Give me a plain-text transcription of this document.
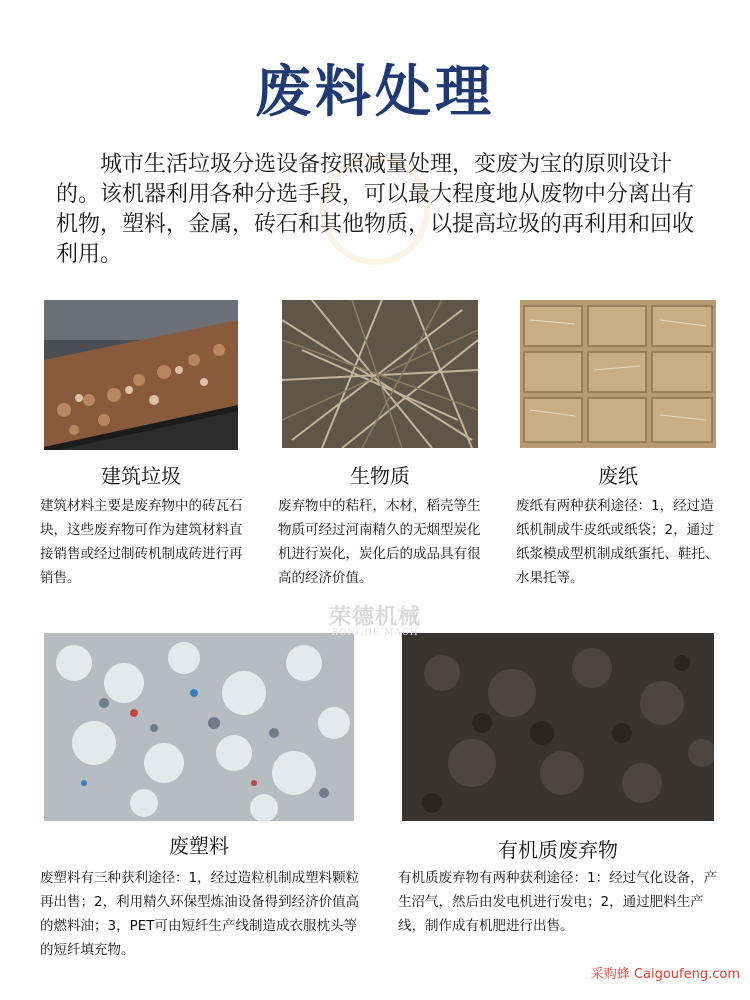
废料处理

城市生活垃圾分选设备按照减量处理，变废为宝的原则设计的。该机器利用各种分选手段，可以最大程度地从废物中分离出有机物，塑料，金属，砖石和其他物质，以提高垃圾的再利用和回收利用。

建筑垃圾

建筑材料主要是废弃物中的砖瓦石块，这些废弃物可作为建筑材料直接销售或经过制砖机制成砖进行再销售。

生物质

废弃物中的秸秆，木材，稻壳等生物质可经过河南精久的无烟型炭化机进行炭化，炭化后的成品具有很高的经济价值。

废纸

废纸有两种获利途径：1，经过造纸机制成牛皮纸或纸袋；2，通过纸浆模成型机制成纸蛋托、鞋托、水果托等。

废塑料

废塑料有三种获利途径：1，经过造粒机制成塑料颗粒再出售；2，利用精久环保型炼油设备得到经济价值高的燃料油；3，PET可由短纤生产线制造成衣服枕头等的短纤填充物。

有机质废弃物

有机质废弃物有两种获利途径：1：经过气化设备，产生沼气，然后由发电机进行发电；2，通过肥料生产线，制作成有机肥进行出售。

荣德机械
RONGDE MACH
采购蜂 Caigoufeng.com
